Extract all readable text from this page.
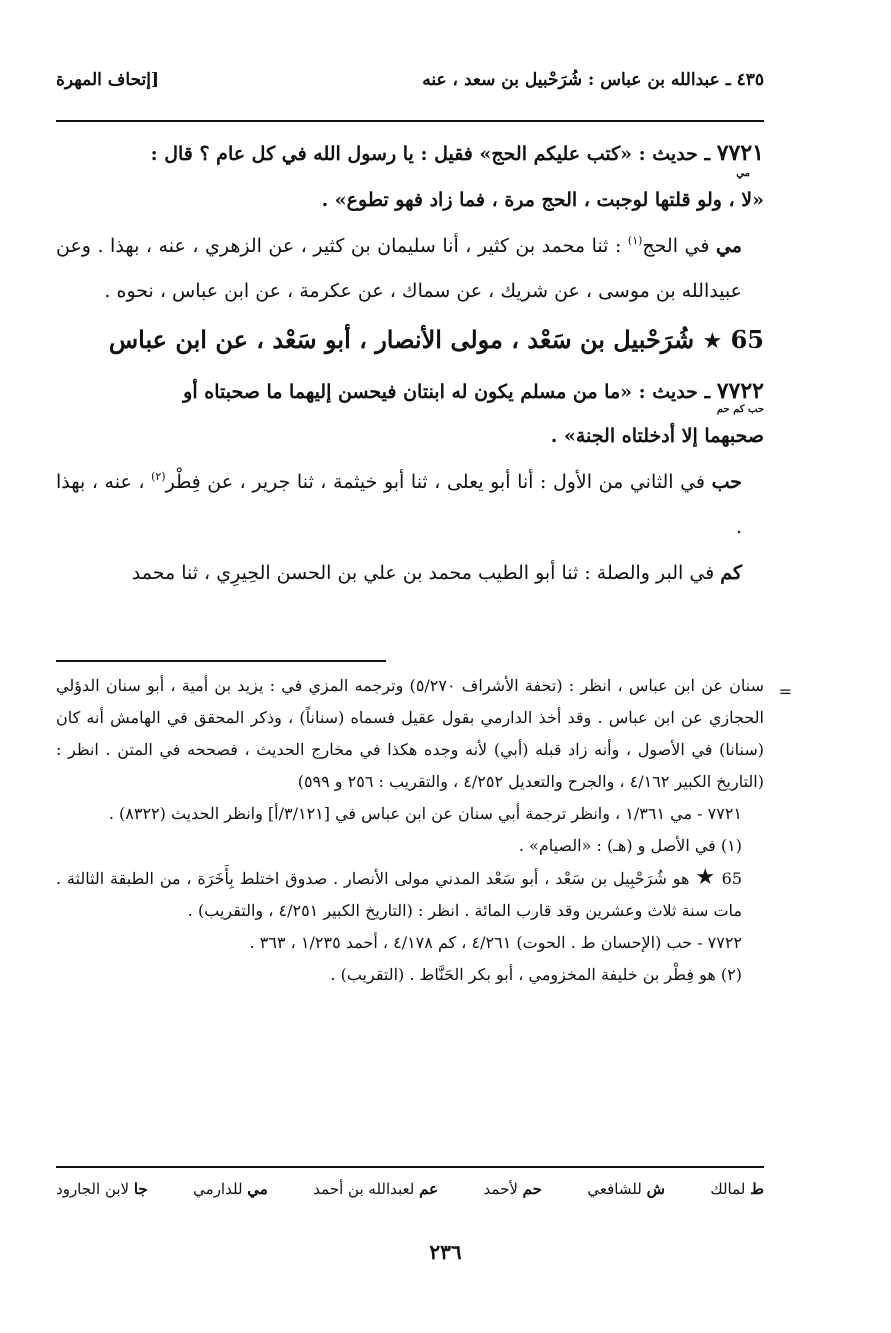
٤٣٥ ـ عبدالله بن عباس : شُرَحْبيل بن سعد ، عنه
[إتحاف المهرة

٧٧٢١ ـ حديث : «كتب عليكم الحج» فقيل : يا رسول الله في كل عام ؟ قال :
مي
«لا ، ولو قلتها لوجبت ، الحج مرة ، فما زاد فهو تطوع» .

مي في الحج$^{(١)}$ : ثنا محمد بن كثير ، أنا سليمان بن كثير ، عن الزهري ، عنه ، بهذا . وعن عبيدالله بن موسى ، عن شريك ، عن سماك ، عن عكرمة ، عن ابن عباس ، نحوه .

65 ★ شُرَحْبيل بن سَعْد ، مولى الأنصار ، أبو سَعْد ، عن ابن عباس

٧٧٢٢ ـ حديث : «ما من مسلم يكون له ابنتان فيحسن إليهما ما صحبتاه أو
حب كم حم
صحبهما إلا أدخلتاه الجنة» .

حب في الثاني من الأول : أنا أبو يعلى ، ثنا أبو خيثمة ، ثنا جرير ، عن فِطْر$^{(٢)}$ ، عنه ، بهذا .

كم في البر والصلة : ثنا أبو الطيب محمد بن علي بن الحسن الحِيرِي ، ثنا محمد

=

سنان عن ابن عباس ، انظر : (تحفة الأشراف ٥/٢٧٠) وترجمه المزي في : يزيد بن أمية ، أبو سنان الدؤلي الحجازي عن ابن عباس . وقد أخذ الدارمي بقول عقيل فسماه (سناناً) ، وذكر المحقق في الهامش أنه كان (سنانا) في الأصول ، وأنه زاد قبله (أبي) لأنه وجده هكذا في مخارج الحديث ، فصححه في المتن . انظر : (التاريخ الكبير ٤/١٦٢ ، والجرح والتعديل ٤/٢٥٢ ، والتقريب : ٢٥٦ و ٥٩٩)

٧٧٢١ - مي ١/٣٦١ ، وانظر ترجمة أبي سنان عن ابن عباس في [٣/١٢١/أ] وانظر الحديث (٨٣٢٢) .

(١) في الأصل و (هـ) : «الصيام» .

65 ★ هو شُرَحْبِيل بن سَعْد ، أبو سَعْد المدني مولى الأنصار . صدوق اختلط بِأَخَرَة ، من الطبقة الثالثة . مات سنة ثلاث وعشرين وقد قارب المائة . انظر : (التاريخ الكبير ٤/٢٥١ ، والتقريب) .

٧٧٢٢ - حب (الإحسان ط . الحوت) ٤/٢٦١ ، كم ٤/١٧٨ ، أحمد ١/٢٣٥ ، ٣٦٣ .

(٢) هو فِطْر بن خليفة المخزومي ، أبو بكر الحَنَّاط . (التقريب) .

ط لمالك
ش للشافعي
حم لأحمد
عم لعبدالله بن أحمد
مي للدارمي
جا لابن الجارود
٢٣٦
